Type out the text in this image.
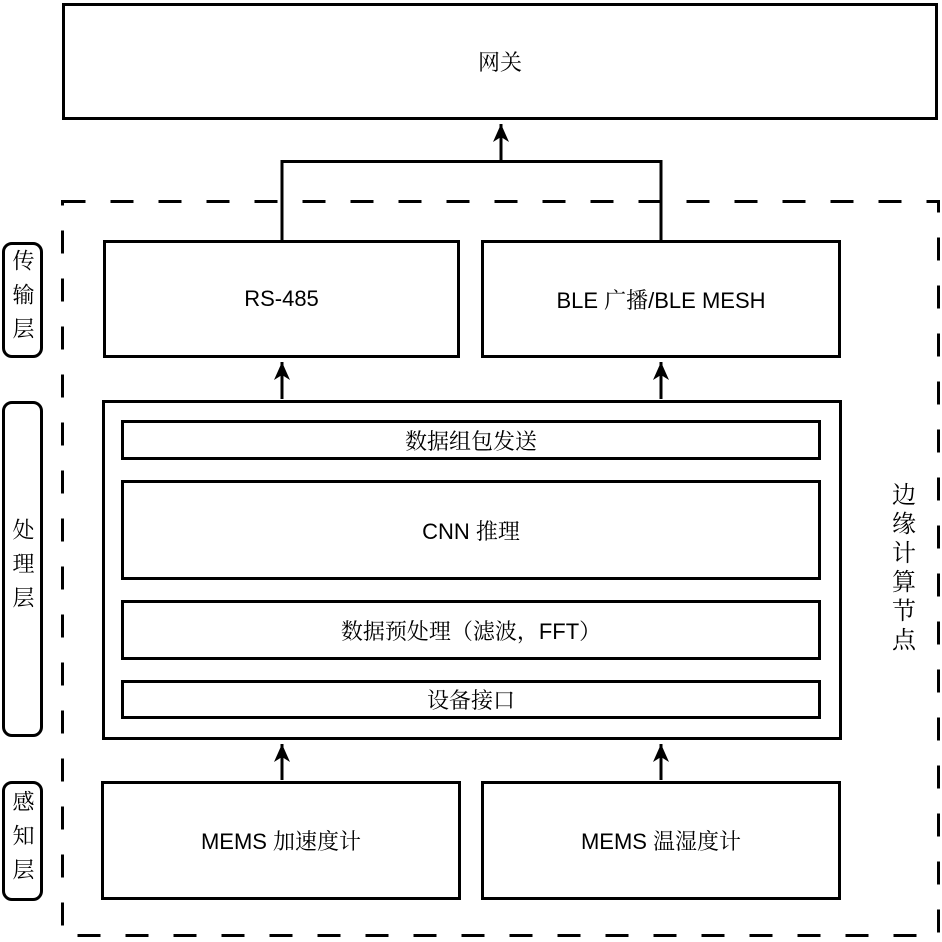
网关
RS-485	BLE 广播/BLE MESH
数据组包发送
CNN 推理
数据预处理（滤波，FFT）
设备接口
MEMS 加速度计	MEMS 温湿度计
传输层
处理层
感知层
边缘计算节点
